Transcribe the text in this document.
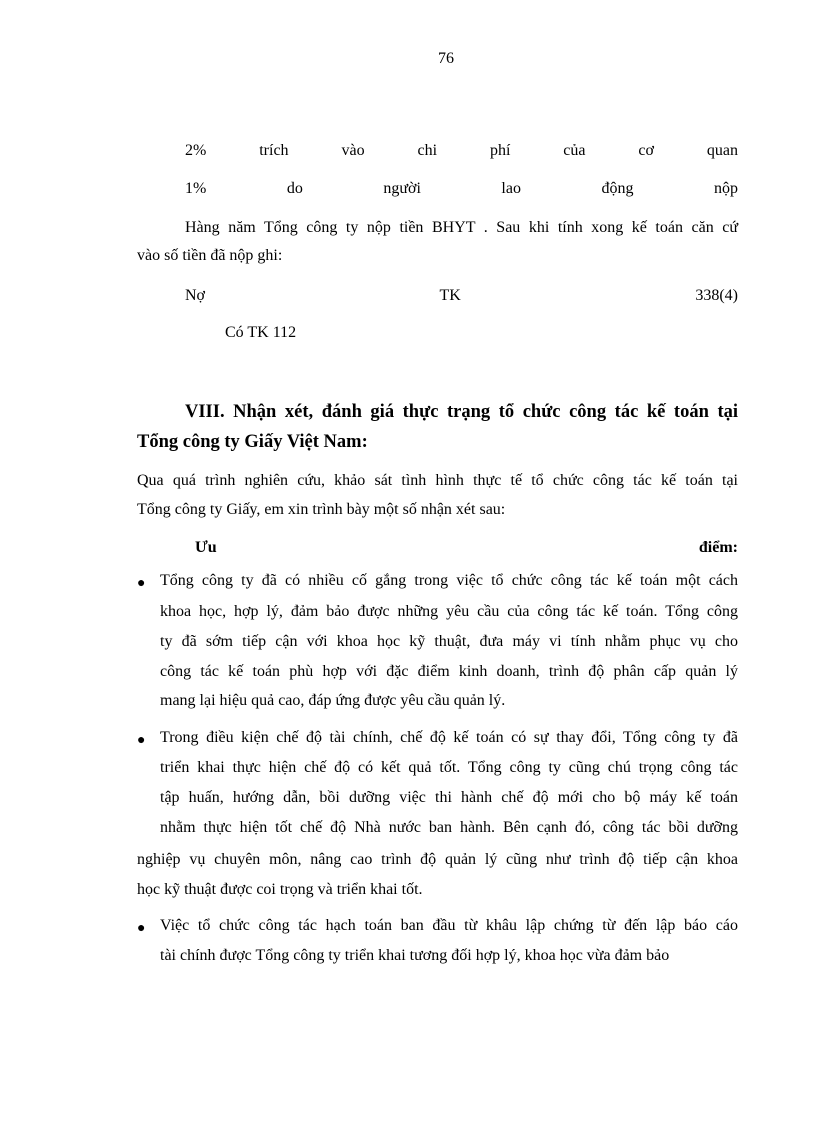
76
2%	trích	vào	chi	phí	của	cơ	quan
1%	do	người	lao	động	nộp
Hàng năm Tổng công ty nộp tiền BHYT . Sau khi tính xong kế toán căn cứ
vào số tiền đã nộp ghi:
Nợ	TK	338(4)
Có TK 112
VIII. Nhận xét, đánh giá thực trạng tổ chức công tác kế toán tại
Tổng công ty Giấy Việt Nam:
Qua quá trình nghiên cứu, khảo sát tình hình thực tế tổ chức công tác kế toán tại
Tổng công ty Giấy, em xin trình bày một số nhận xét sau:
Ưu	điểm:
● Tổng công ty đã có nhiều cố gắng trong việc tổ chức công tác kế toán một cách
khoa học, hợp lý, đảm bảo được những yêu cầu của công tác kế toán. Tổng công
ty đã sớm tiếp cận với khoa học kỹ thuật, đưa máy vi tính nhằm phục vụ cho
công tác kế toán phù hợp với đặc điểm kinh doanh, trình độ phân cấp quản lý
mang lại hiệu quả cao, đáp ứng được yêu cầu quản lý.
● Trong điều kiện chế độ tài chính, chế độ kế toán có sự thay đổi, Tổng công ty đã
triển khai thực hiện chế độ có kết quả tốt. Tổng công ty cũng chú trọng công tác
tập huấn, hướng dẫn, bồi dưỡng việc thi hành chế độ mới cho bộ máy kế toán
nhằm thực hiện tốt chế độ Nhà nước ban hành. Bên cạnh đó, công tác bồi dưỡng
nghiệp vụ chuyên môn, nâng cao trình độ quản lý cũng như trình độ tiếp cận khoa
học kỹ thuật được coi trọng và triển khai tốt.
● Việc tổ chức công tác hạch toán ban đầu từ khâu lập chứng từ đến lập báo cáo
tài chính được Tổng công ty triển khai tương đối hợp lý, khoa học vừa đảm bảo
